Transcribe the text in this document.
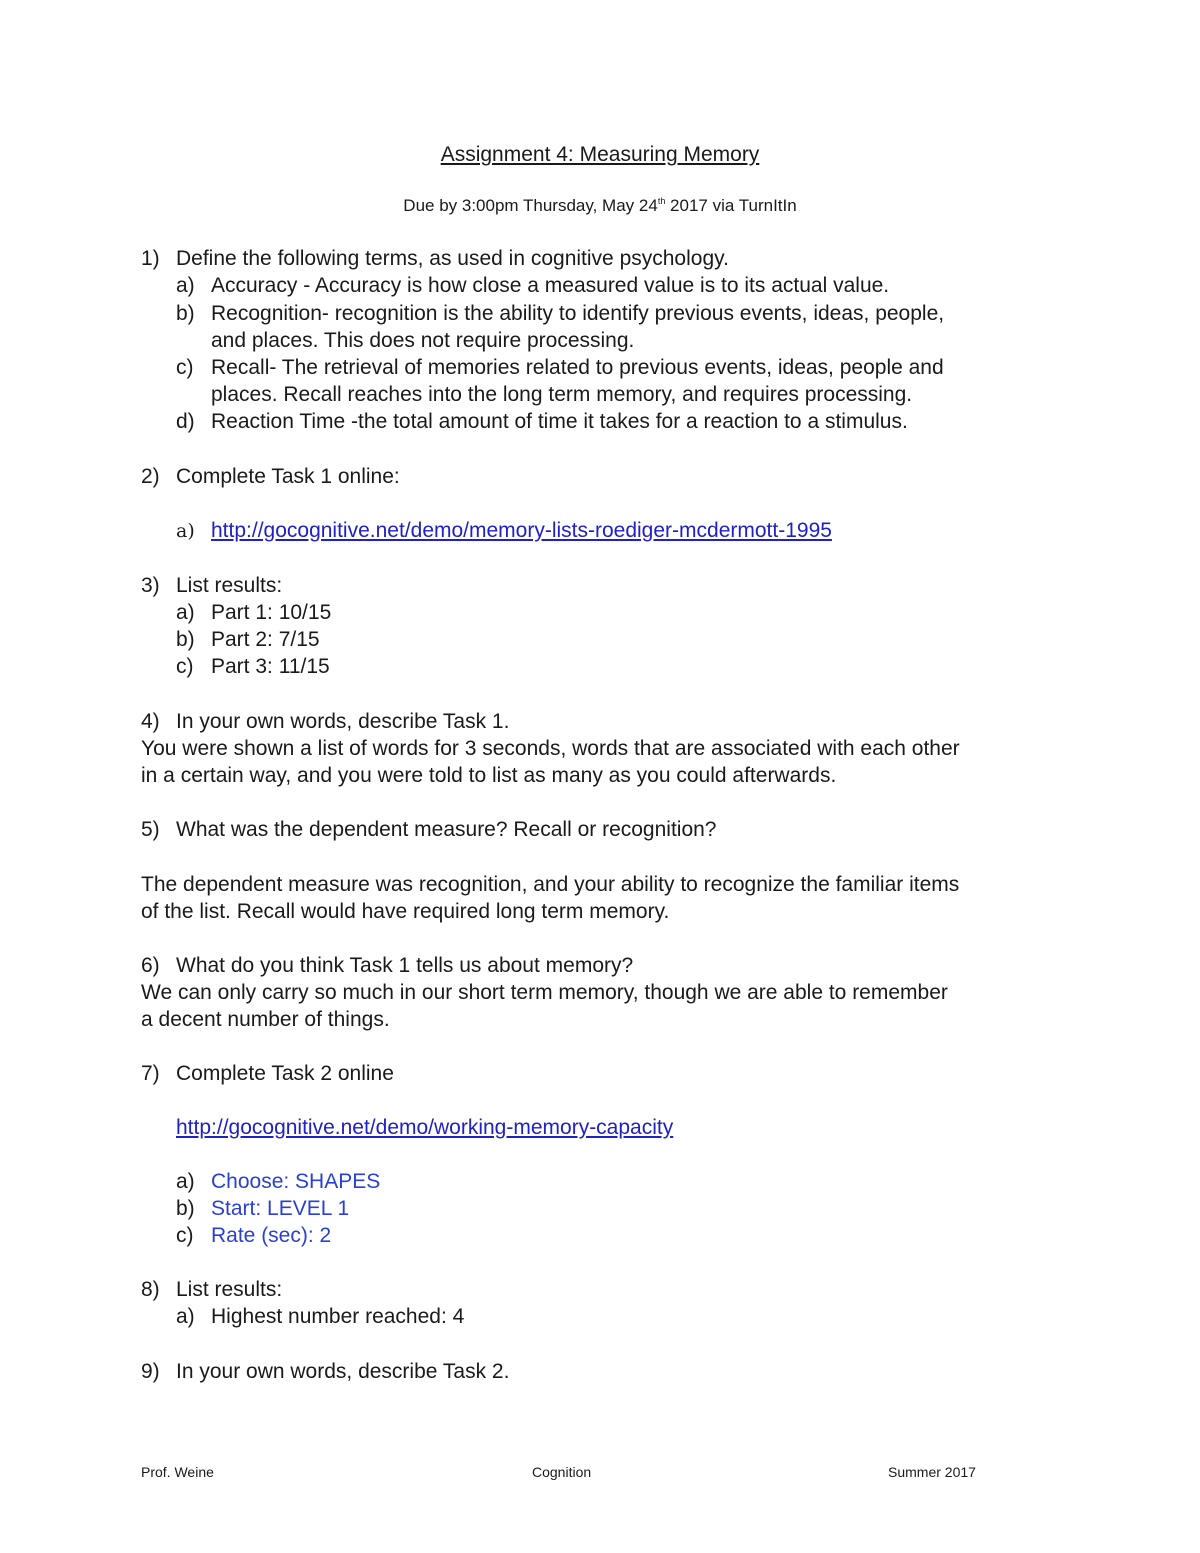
Assignment 4: Measuring Memory
Due by 3:00pm Thursday, May 24th 2017 via TurnItIn
1) Define the following terms, as used in cognitive psychology.
a) Accuracy - Accuracy is how close a measured value is to its actual value.
b) Recognition- recognition is the ability to identify previous events, ideas, people,
and places. This does not require processing.
c) Recall- The retrieval of memories related to previous events, ideas, people and
places. Recall reaches into the long term memory, and requires processing.
d) Reaction Time -the total amount of time it takes for a reaction to a stimulus.
2) Complete Task 1 online:
a) http://gocognitive.net/demo/memory-lists-roediger-mcdermott-1995
3) List results:
a) Part 1: 10/15
b) Part 2: 7/15
c) Part 3: 11/15
4) In your own words, describe Task 1.
You were shown a list of words for 3 seconds, words that are associated with each other
in a certain way, and you were told to list as many as you could afterwards.
5) What was the dependent measure? Recall or recognition?
The dependent measure was recognition, and your ability to recognize the familiar items
of the list. Recall would have required long term memory.
6) What do you think Task 1 tells us about memory?
We can only carry so much in our short term memory, though we are able to remember
a decent number of things.
7) Complete Task 2 online
http://gocognitive.net/demo/working-memory-capacity
a) Choose: SHAPES
b) Start: LEVEL 1
c) Rate (sec): 2
8) List results:
a) Highest number reached: 4
9) In your own words, describe Task 2.
Prof. Weine	Cognition	Summer 2017
